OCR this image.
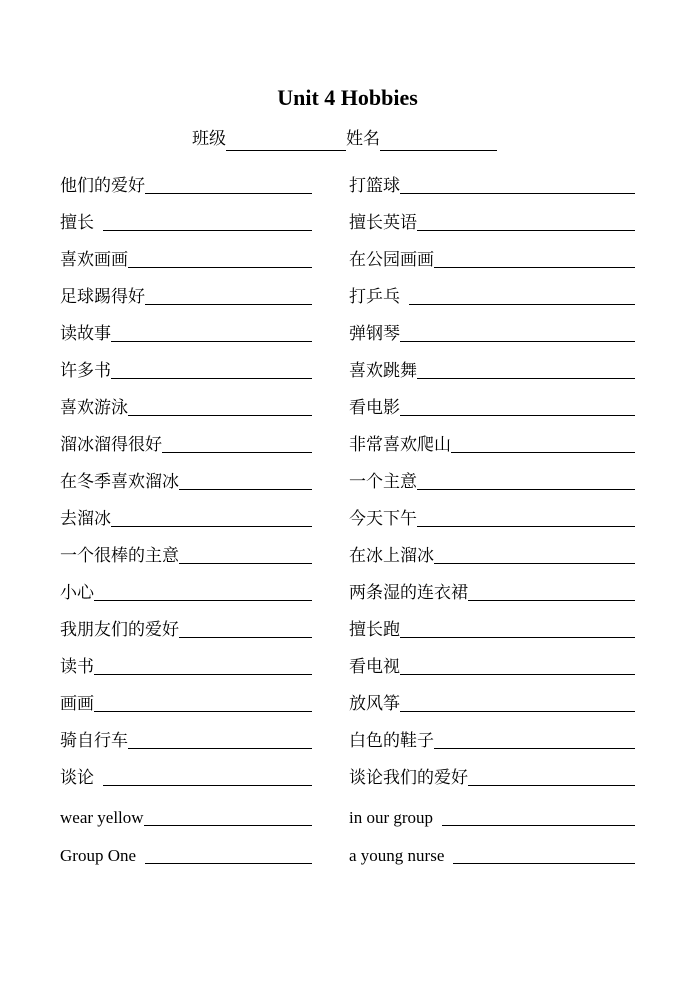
Unit 4 Hobbies
班级	姓名
他们的爱好	打篮球
擅长	擅长英语
喜欢画画	在公园画画
足球踢得好	打乒乓
读故事	弹钢琴
许多书	喜欢跳舞
喜欢游泳	看电影
溜冰溜得很好	非常喜欢爬山
在冬季喜欢溜冰	一个主意
去溜冰	今天下午
一个很棒的主意	在冰上溜冰
小心	两条湿的连衣裙
我朋友们的爱好	擅长跑
读书	看电视
画画	放风筝
骑自行车	白色的鞋子
谈论	谈论我们的爱好
wear yellow	in our group
Group One	a young nurse
